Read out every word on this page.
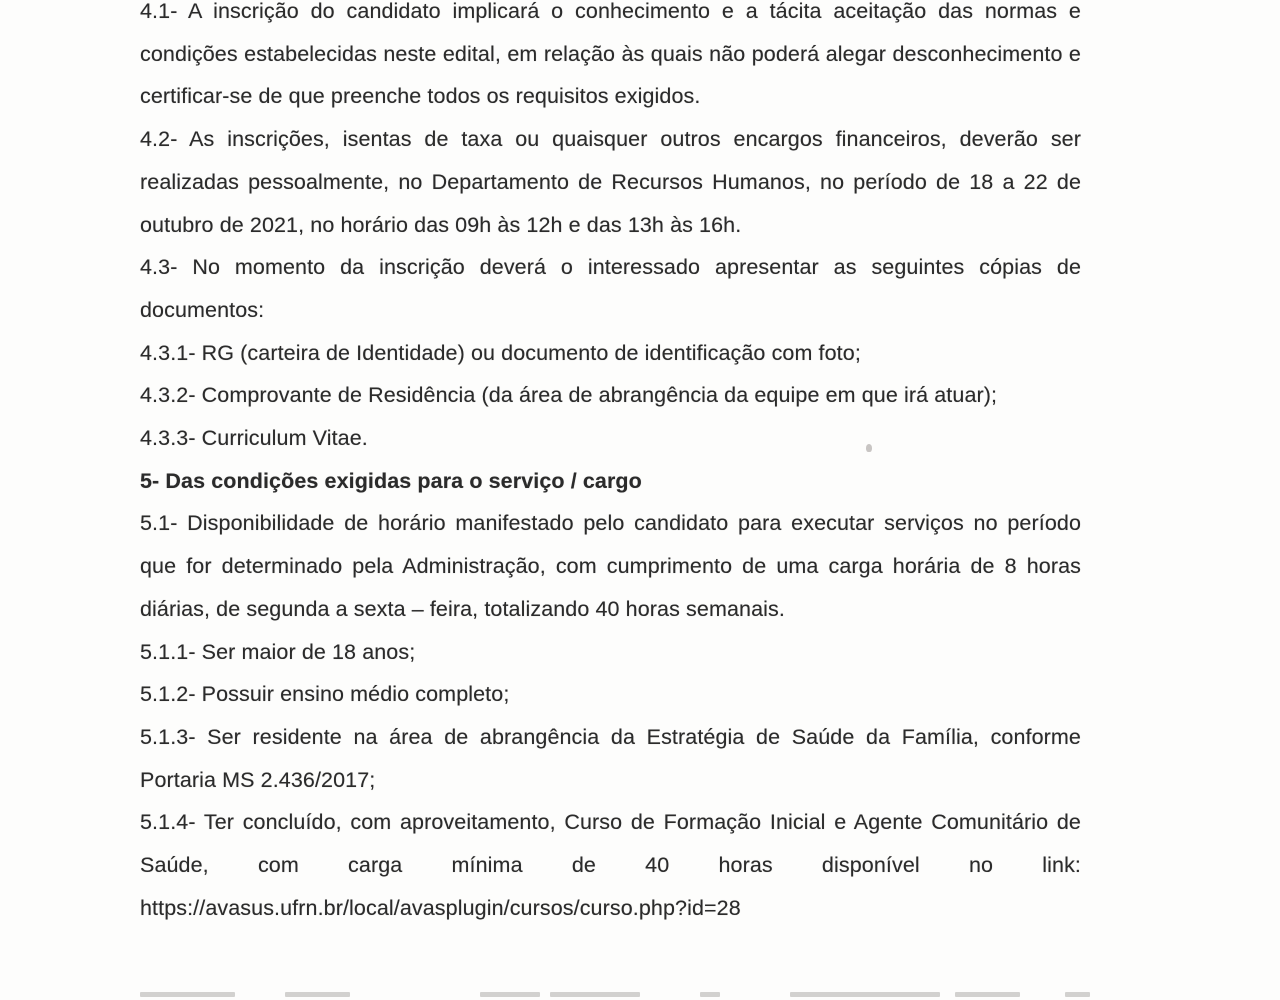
4.1- A inscrição do candidato implicará o conhecimento e a tácita aceitação das normas e condições estabelecidas neste edital, em relação às quais não poderá alegar desconhecimento e certificar-se de que preenche todos os requisitos exigidos.

4.2- As inscrições, isentas de taxa ou quaisquer outros encargos financeiros, deverão ser realizadas pessoalmente, no Departamento de Recursos Humanos, no período de 18 a 22 de outubro de 2021, no horário das 09h às 12h e das 13h às 16h.

4.3- No momento da inscrição deverá o interessado apresentar as seguintes cópias de documentos:

4.3.1- RG (carteira de Identidade) ou documento de identificação com foto;

4.3.2- Comprovante de Residência (da área de abrangência da equipe em que irá atuar);

4.3.3- Curriculum Vitae.

5- Das condições exigidas para o serviço / cargo

5.1- Disponibilidade de horário manifestado pelo candidato para executar serviços no período que for determinado pela Administração, com cumprimento de uma carga horária de 8 horas diárias, de segunda a sexta – feira, totalizando 40 horas semanais.

5.1.1- Ser maior de 18 anos;

5.1.2- Possuir ensino médio completo;

5.1.3- Ser residente na área de abrangência da Estratégia de Saúde da Família, conforme Portaria MS 2.436/2017;

5.1.4- Ter concluído, com aproveitamento, Curso de Formação Inicial e Agente Comunitário de Saúde, com carga mínima de 40 horas disponível no link: https://avasus.ufrn.br/local/avasplugin/cursos/curso.php?id=28
